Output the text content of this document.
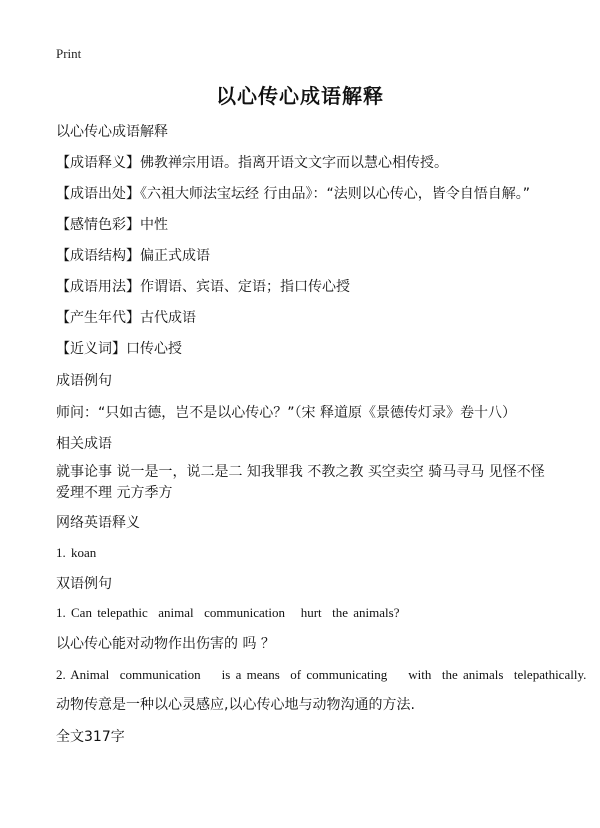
Print
以心传心成语解释
以心传心成语解释
【成语释义】佛教禅宗用语。指离开语文文字而以慧心相传授。
【成语出处】《六祖大师法宝坛经 行由品》：“法则以心传心，皆令自悟自解。”
【感情色彩】中性
【成语结构】偏正式成语
【成语用法】作谓语、宾语、定语；指口传心授
【产生年代】古代成语
【近义词】口传心授
成语例句
师问：“只如古德，岂不是以心传心？”（宋 释道原《景德传灯录》卷十八）
相关成语
就事论事 说一是一，说二是二 知我罪我 不教之教 买空卖空 骑马寻马 见怪不怪 爱理不理 元方季方
网络英语释义
1. koan
双语例句
1. Can telepathic  animal  communication   hurt  the animals?
以心传心能对动物作出伤害的 吗 ？
2. Animal  communication    is a means  of communicating    with  the animals  telepathically.
动物传意是一种以心灵感应,以心传心地与动物沟通的方法.
全文317字
